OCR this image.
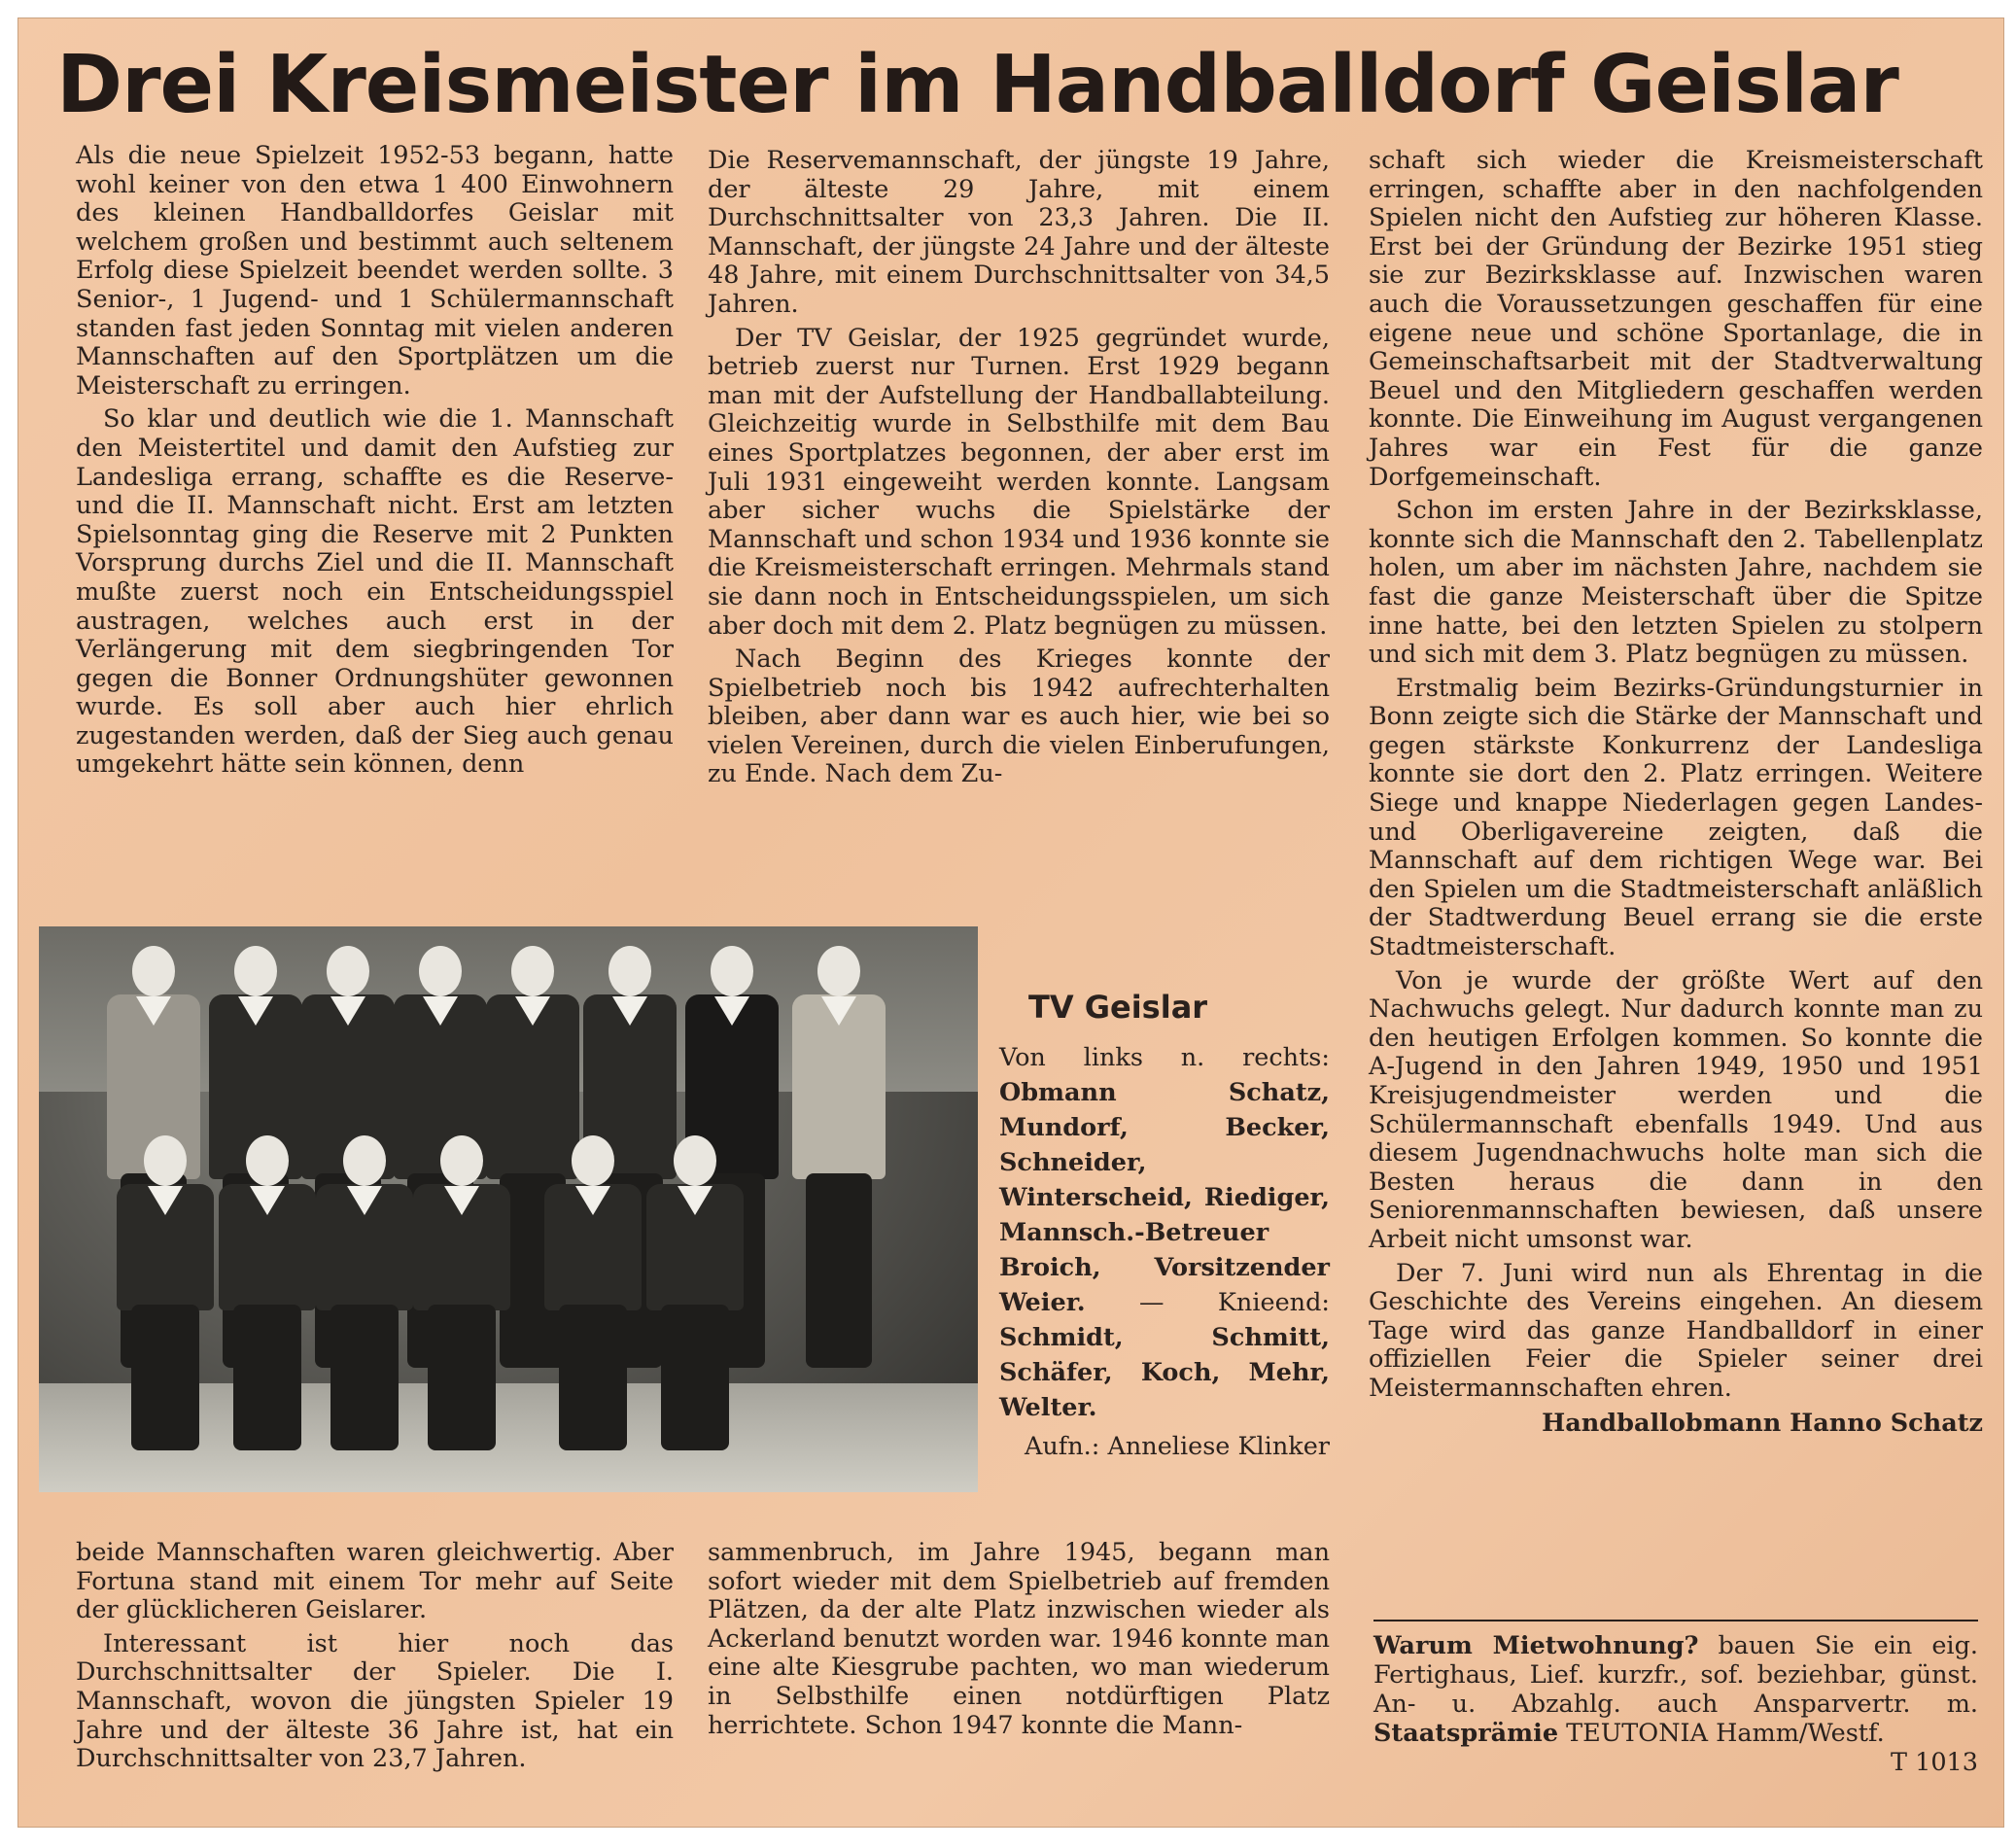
Drei Kreismeister im Handballdorf Geislar

Als die neue Spielzeit 1952-53 begann, hatte wohl keiner von den etwa 1 400 Einwohnern des kleinen Handballdorfes Geislar mit welchem großen und bestimmt auch seltenem Erfolg diese Spielzeit beendet werden sollte. 3 Senior-, 1 Jugend- und 1 Schülermannschaft standen fast jeden Sonntag mit vielen anderen Mannschaften auf den Sportplätzen um die Meisterschaft zu erringen.

So klar und deutlich wie die 1. Mannschaft den Meistertitel und damit den Aufstieg zur Landesliga errang, schaffte es die Reserve- und die II. Mannschaft nicht. Erst am letzten Spielsonntag ging die Reserve mit 2 Punkten Vorsprung durchs Ziel und die II. Mannschaft mußte zuerst noch ein Entscheidungsspiel austragen, welches auch erst in der Verlängerung mit dem siegbringenden Tor gegen die Bonner Ordnungshüter gewonnen wurde. Es soll aber auch hier ehrlich zugestanden werden, daß der Sieg auch genau umgekehrt hätte sein können, denn

Die Reservemannschaft, der jüngste 19 Jahre, der älteste 29 Jahre, mit einem Durchschnittsalter von 23,3 Jahren. Die II. Mannschaft, der jüngste 24 Jahre und der älteste 48 Jahre, mit einem Durchschnittsalter von 34,5 Jahren.

Der TV Geislar, der 1925 gegründet wurde, betrieb zuerst nur Turnen. Erst 1929 begann man mit der Aufstellung der Handballabteilung. Gleichzeitig wurde in Selbsthilfe mit dem Bau eines Sportplatzes begonnen, der aber erst im Juli 1931 eingeweiht werden konnte. Langsam aber sicher wuchs die Spielstärke der Mannschaft und schon 1934 und 1936 konnte sie die Kreismeisterschaft erringen. Mehrmals stand sie dann noch in Entscheidungsspielen, um sich aber doch mit dem 2. Platz begnügen zu müssen.

Nach Beginn des Krieges konnte der Spielbetrieb noch bis 1942 aufrechterhalten bleiben, aber dann war es auch hier, wie bei so vielen Vereinen, durch die vielen Einberufungen, zu Ende. Nach dem Zu-

schaft sich wieder die Kreismeisterschaft erringen, schaffte aber in den nachfolgenden Spielen nicht den Aufstieg zur höheren Klasse. Erst bei der Gründung der Bezirke 1951 stieg sie zur Bezirksklasse auf. Inzwischen waren auch die Voraussetzungen geschaffen für eine eigene neue und schöne Sportanlage, die in Gemeinschaftsarbeit mit der Stadtverwaltung Beuel und den Mitgliedern geschaffen werden konnte. Die Einweihung im August vergangenen Jahres war ein Fest für die ganze Dorfgemeinschaft.

Schon im ersten Jahre in der Bezirksklasse, konnte sich die Mannschaft den 2. Tabellenplatz holen, um aber im nächsten Jahre, nachdem sie fast die ganze Meisterschaft über die Spitze inne hatte, bei den letzten Spielen zu stolpern und sich mit dem 3. Platz begnügen zu müssen.

Erstmalig beim Bezirks-Gründungsturnier in Bonn zeigte sich die Stärke der Mannschaft und gegen stärkste Konkurrenz der Landesliga konnte sie dort den 2. Platz erringen. Weitere Siege und knappe Niederlagen gegen Landes- und Oberligavereine zeigten, daß die Mannschaft auf dem richtigen Wege war. Bei den Spielen um die Stadtmeisterschaft anläßlich der Stadtwerdung Beuel errang sie die erste Stadtmeisterschaft.

Von je wurde der größte Wert auf den Nachwuchs gelegt. Nur dadurch konnte man zu den heutigen Erfolgen kommen. So konnte die A-Jugend in den Jahren 1949, 1950 und 1951 Kreisjugendmeister werden und die Schülermannschaft ebenfalls 1949. Und aus diesem Jugendnachwuchs holte man sich die Besten heraus die dann in den Seniorenmannschaften bewiesen, daß unsere Arbeit nicht umsonst war.

Der 7. Juni wird nun als Ehrentag in die Geschichte des Vereins eingehen. An diesem Tage wird das ganze Handballdorf in einer offiziellen Feier die Spieler seiner drei Meistermannschaften ehren.

Handballobmann Hanno Schatz
TV Geislar
Von links n. rechts: Obmann Schatz, Mundorf, Becker, Schneider, Winterscheid, Riediger, Mannsch.-Betreuer Broich, Vorsitzender Weier. — Knieend: Schmidt, Schmitt, Schäfer, Koch, Mehr, Welter.
Aufn.: Anneliese Klinker

beide Mannschaften waren gleichwertig. Aber Fortuna stand mit einem Tor mehr auf Seite der glücklicheren Geislarer.

Interessant ist hier noch das Durchschnittsalter der Spieler. Die I. Mannschaft, wovon die jüngsten Spieler 19 Jahre und der älteste 36 Jahre ist, hat ein Durchschnittsalter von 23,7 Jahren.

sammenbruch, im Jahre 1945, begann man sofort wieder mit dem Spielbetrieb auf fremden Plätzen, da der alte Platz inzwischen wieder als Ackerland benutzt worden war. 1946 konnte man eine alte Kiesgrube pachten, wo man wiederum in Selbsthilfe einen notdürftigen Platz herrichtete. Schon 1947 konnte die Mann-

Warum Mietwohnung? bauen Sie ein eig. Fertighaus, Lief. kurzfr., sof. beziehbar, günst. An- u. Abzahlg. auch Ansparvertr. m. Staatsprämie TEUTONIA Hamm/Westf.
T 1013
